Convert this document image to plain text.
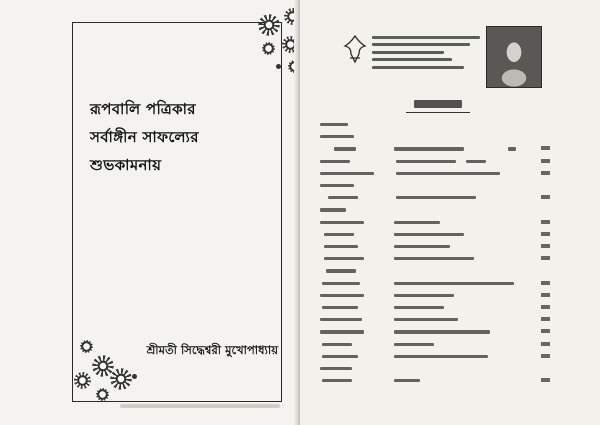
রূপবালি পত্রিকার
সর্বাঙ্গীন সাফল্যের
শুভকামনায়
শ্রীমতী সিদ্ধেশ্বরী মুখোপাধ্যায়
